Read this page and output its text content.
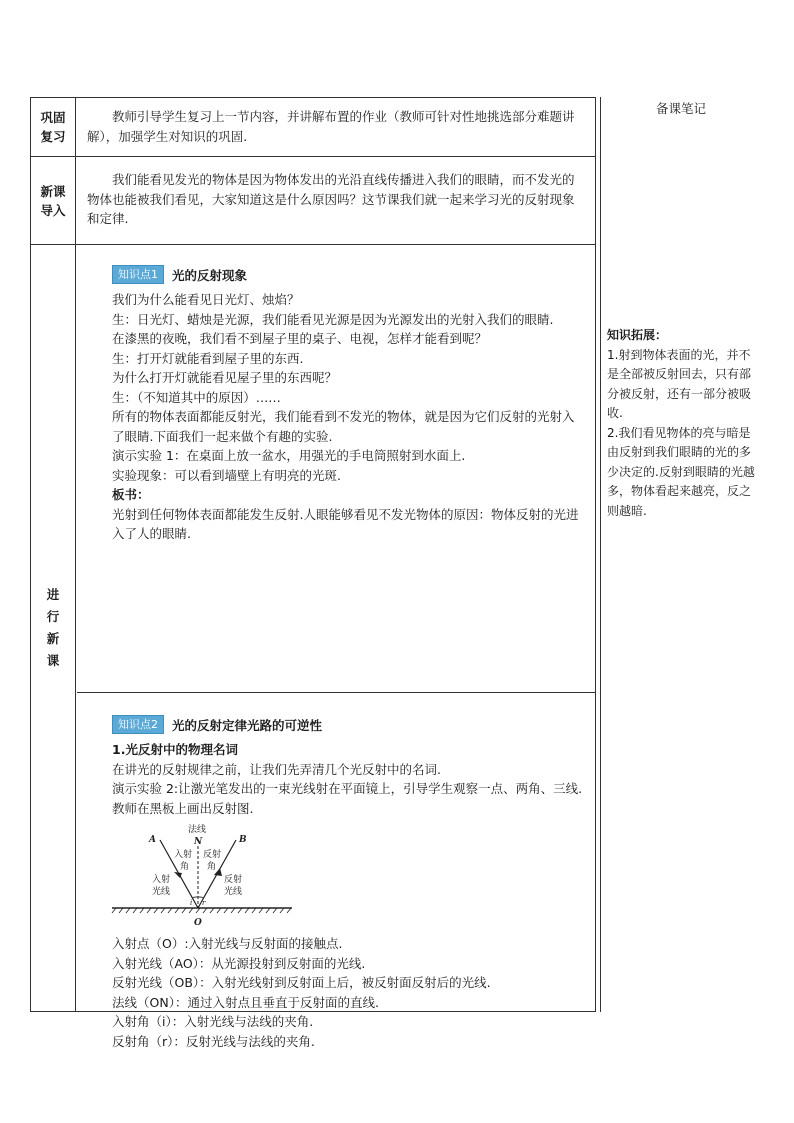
巩固复习
教师引导学生复习上一节内容，并讲解布置的作业（教师可针对性地挑选部分难题讲解），加强学生对知识的巩固.
新课导入
我们能看见发光的物体是因为物体发出的光沿直线传播进入我们的眼睛，而不发光的物体也能被我们看见，大家知道这是什么原因吗？这节课我们就一起来学习光的反射现象和定律.
进行新课
知识点1	光的反射现象
我们为什么能看见日光灯、烛焰？
生：日光灯、蜡烛是光源，我们能看见光源是因为光源发出的光射入我们的眼睛.
在漆黑的夜晚，我们看不到屋子里的桌子、电视，怎样才能看到呢？
生：打开灯就能看到屋子里的东西.
为什么打开灯就能看见屋子里的东西呢？
生：（不知道其中的原因）……
所有的物体表面都能反射光，我们能看到不发光的物体，就是因为它们反射的光射入了眼睛.下面我们一起来做个有趣的实验.
演示实验 1：在桌面上放一盆水，用强光的手电筒照射到水面上.
实验现象：可以看到墙壁上有明亮的光斑.
板书：
光射到任何物体表面都能发生反射.人眼能够看见不发光物体的原因：物体反射的光进入了人的眼睛.
知识点2	光的反射定律光路的可逆性
1.光反射中的物理名词
在讲光的反射规律之前，让我们先弄清几个光反射中的名词.
演示实验 2:让激光笔发出的一束光线射在平面镜上，引导学生观察一点、两角、三线.教师在黑板上画出反射图.
法线
N
A	B
O
入射
角
反射
角
入射
光线
反射
光线
i r
入射点（O）:入射光线与反射面的接触点.
入射光线（AO）：从光源投射到反射面的光线.
反射光线（OB）：入射光线射到反射面上后，被反射面反射后的光线.
法线（ON）：通过入射点且垂直于反射面的直线.
入射角（i）：入射光线与法线的夹角.
反射角（r）：反射光线与法线的夹角.
备课笔记
知识拓展：
1.射到物体表面的光，并不是全部被反射回去，只有部分被反射，还有一部分被吸收.
2.我们看见物体的亮与暗是由反射到我们眼睛的光的多少决定的.反射到眼睛的光越多，物体看起来越亮，反之则越暗.
